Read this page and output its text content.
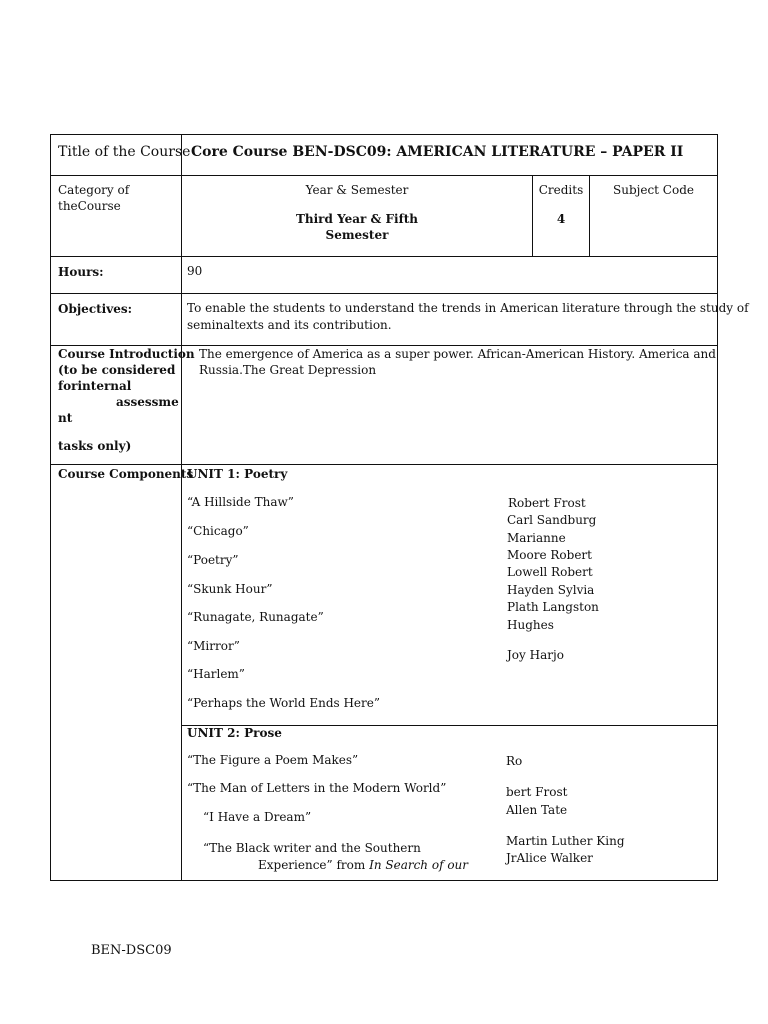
Title of the Course Core Course BEN-DSC09: AMERICAN LITERATURE – PAPER II
Category of
theCourse
Year & Semester
Third Year & Fifth
Semester
Credits
4
Subject Code
Hours:	90
Objectives:	To enable the students to understand the trends in American literature through the study of
seminaltexts and its contribution.
Course Introduction
(to be considered
forinternal
assessme
nt
tasks only)
The emergence of America as a super power. African-American History. America and
Russia.The Great Depression
Course Components
UNIT 1: Poetry
“A Hillside Thaw”
“Chicago”
“Poetry”
“Skunk Hour”
“Runagate, Runagate”
“Mirror”
“Harlem”
“Perhaps the World Ends Here”
Robert Frost
Carl Sandburg
Marianne
Moore Robert
Lowell Robert
Hayden Sylvia
Plath Langston
Hughes
Joy Harjo
UNIT 2: Prose
“The Figure a Poem Makes”
“The Man of Letters in the Modern World”
“I Have a Dream”
“The Black writer and the Southern
Experience” from In Search of our
Ro
bert Frost
Allen Tate
Martin Luther King
JrAlice Walker
BEN-DSC09
